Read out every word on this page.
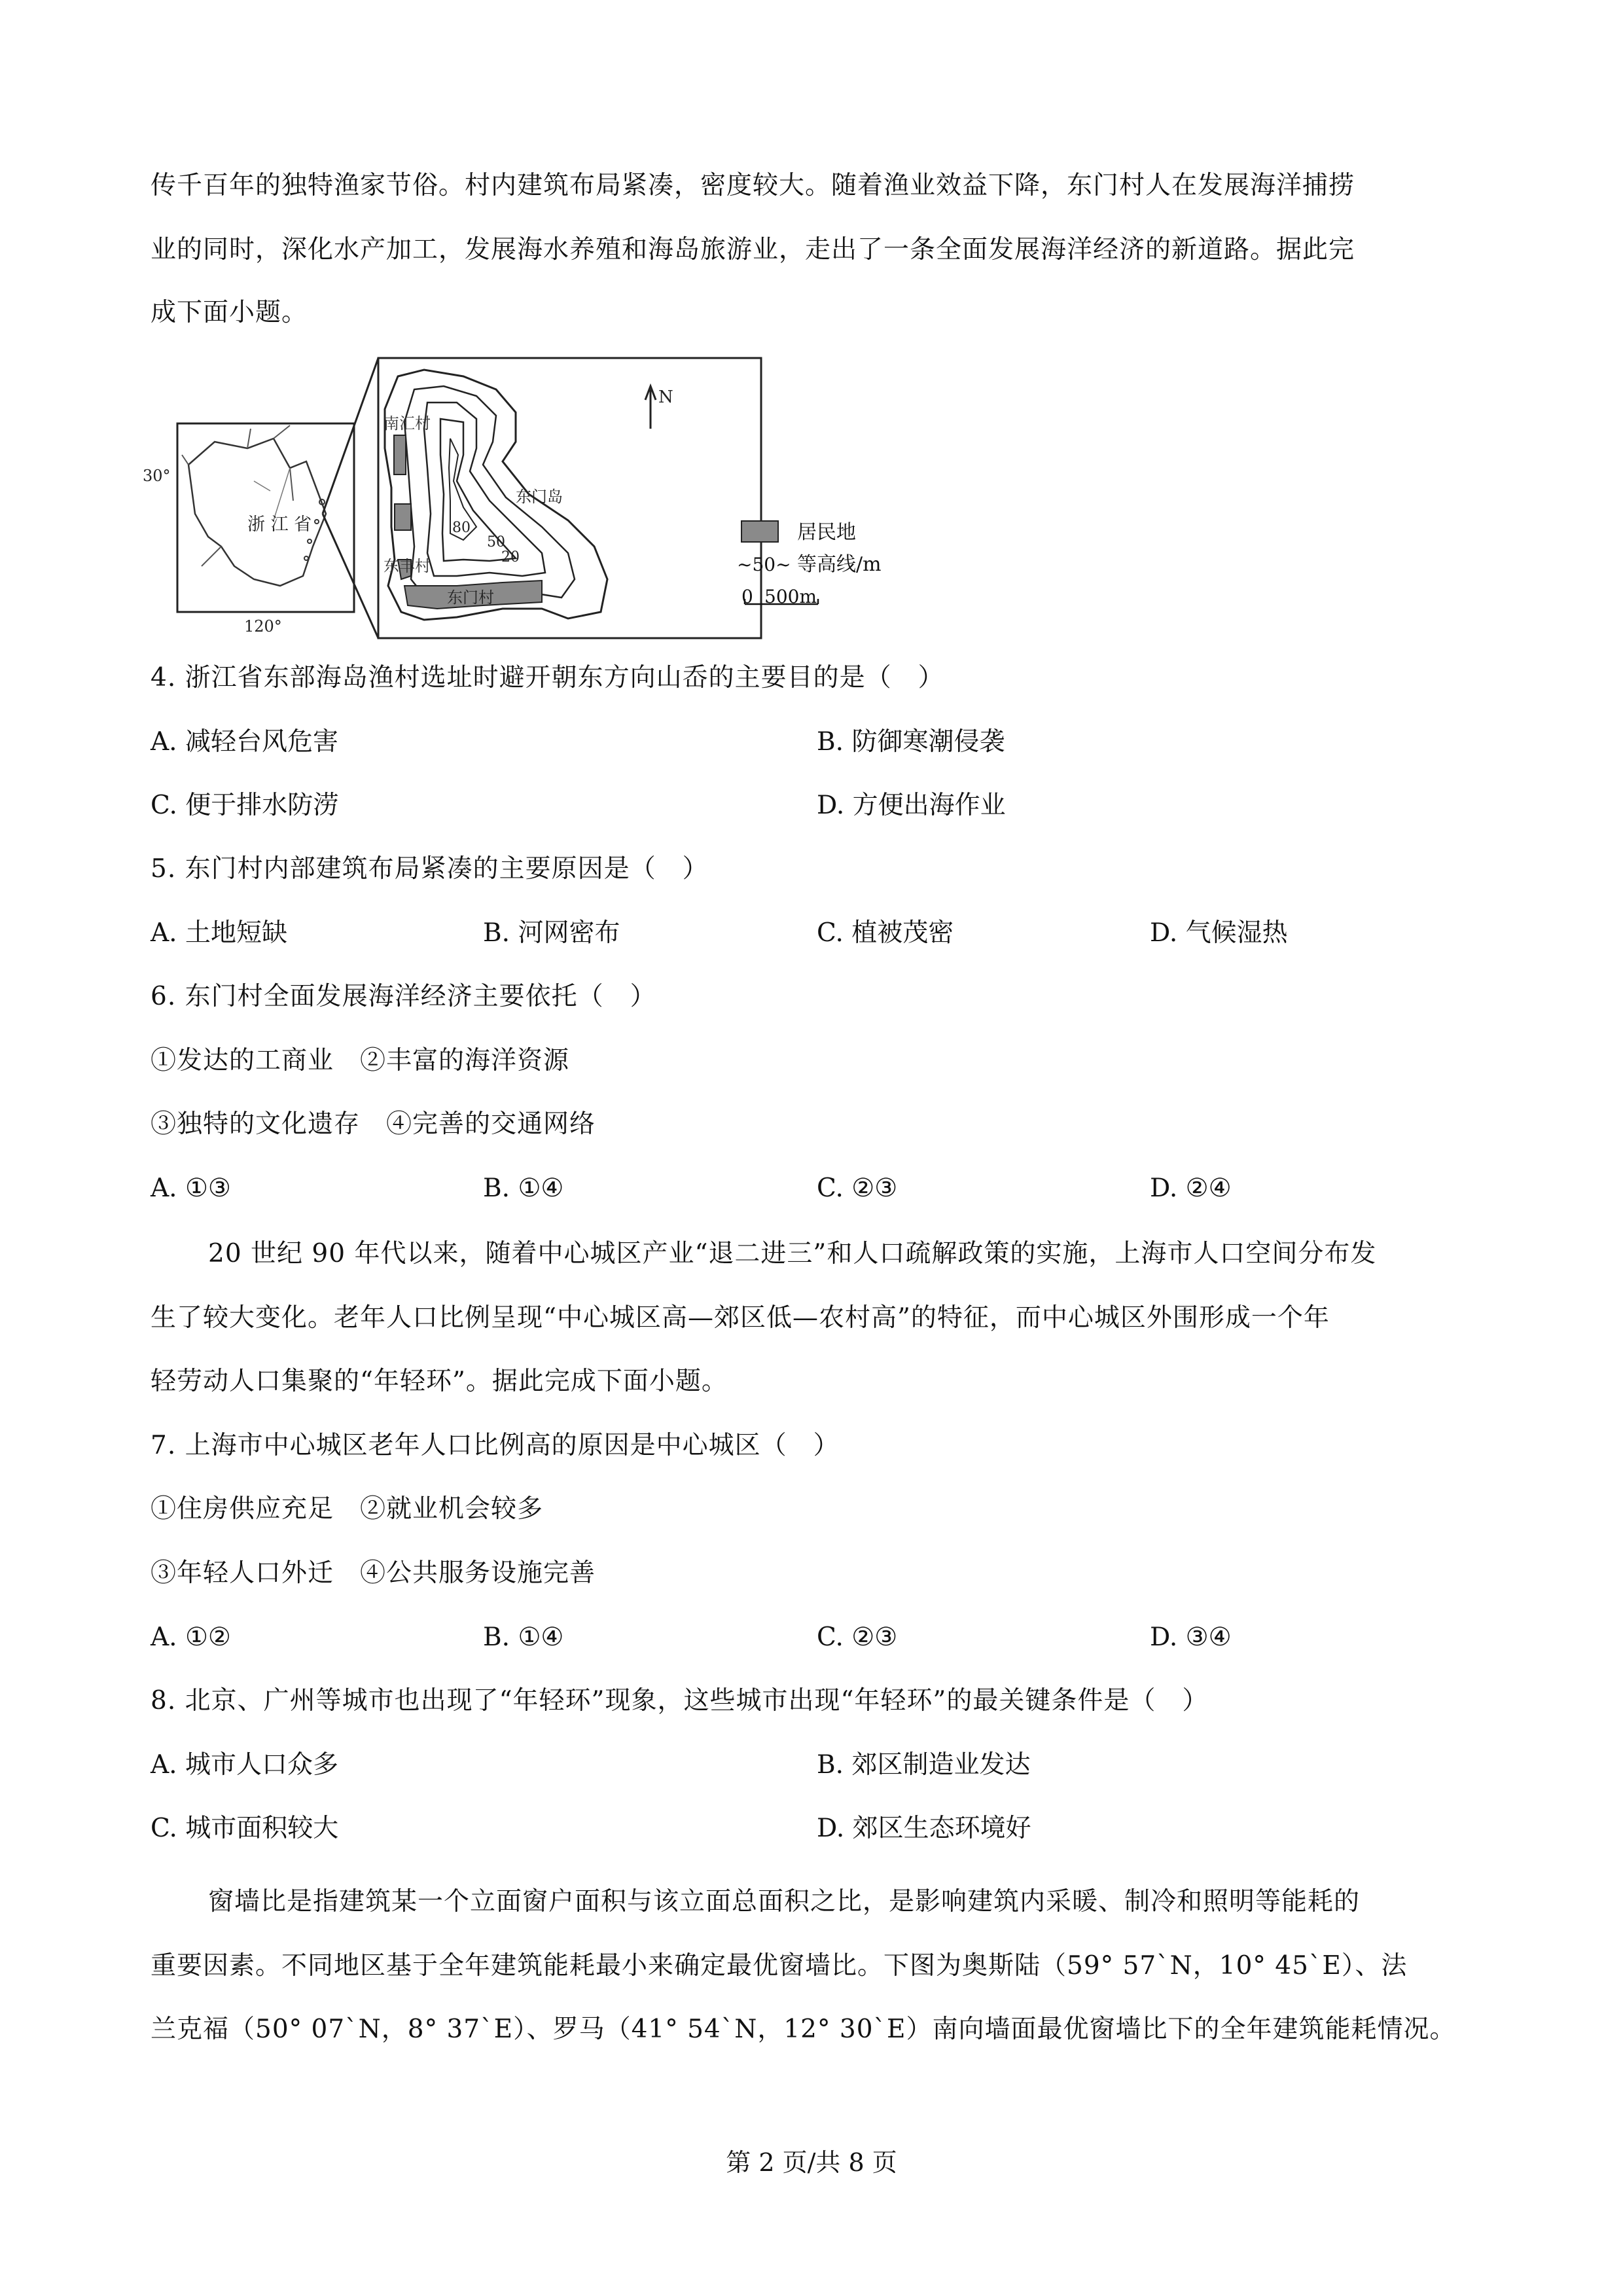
传千百年的独特渔家节俗。村内建筑布局紧凑，密度较大。随着渔业效益下降，东门村人在发展海洋捕捞
业的同时，深化水产加工，发展海水养殖和海岛旅游业，走出了一条全面发展海洋经济的新道路。据此完
成下面小题。
浙 江 省
30°
120°
南汇村
东丰村
东门村
东门岛
80
50
20
N
居民地
~50~ 等高线/m
0 500m
4. 浙江省东部海岛渔村选址时避开朝东方向山岙的主要目的是（　）
A. 减轻台风危害	B. 防御寒潮侵袭
C. 便于排水防涝	D. 方便出海作业
5. 东门村内部建筑布局紧凑的主要原因是（　）
A. 土地短缺	B. 河网密布	C. 植被茂密	D. 气候湿热
6. 东门村全面发展海洋经济主要依托（　）
①发达的工商业　②丰富的海洋资源
③独特的文化遗存　④完善的交通网络
A. ①③	B. ①④	C. ②③	D. ②④
20 世纪 90 年代以来，随着中心城区产业“退二进三”和人口疏解政策的实施，上海市人口空间分布发
生了较大变化。老年人口比例呈现“中心城区高—郊区低—农村高”的特征，而中心城区外围形成一个年
轻劳动人口集聚的“年轻环”。据此完成下面小题。
7. 上海市中心城区老年人口比例高的原因是中心城区（　）
①住房供应充足　②就业机会较多
③年轻人口外迁　④公共服务设施完善
A. ①②	B. ①④	C. ②③	D. ③④
8. 北京、广州等城市也出现了“年轻环”现象，这些城市出现“年轻环”的最关键条件是（　）
A. 城市人口众多	B. 郊区制造业发达
C. 城市面积较大	D. 郊区生态环境好
窗墙比是指建筑某一个立面窗户面积与该立面总面积之比，是影响建筑内采暖、制冷和照明等能耗的
重要因素。不同地区基于全年建筑能耗最小来确定最优窗墙比。下图为奥斯陆（59° 57`N，10° 45`E）、法
兰克福（50° 07`N，8° 37`E）、罗马（41° 54`N，12° 30`E）南向墙面最优窗墙比下的全年建筑能耗情况。
第 2 页/共 8 页
